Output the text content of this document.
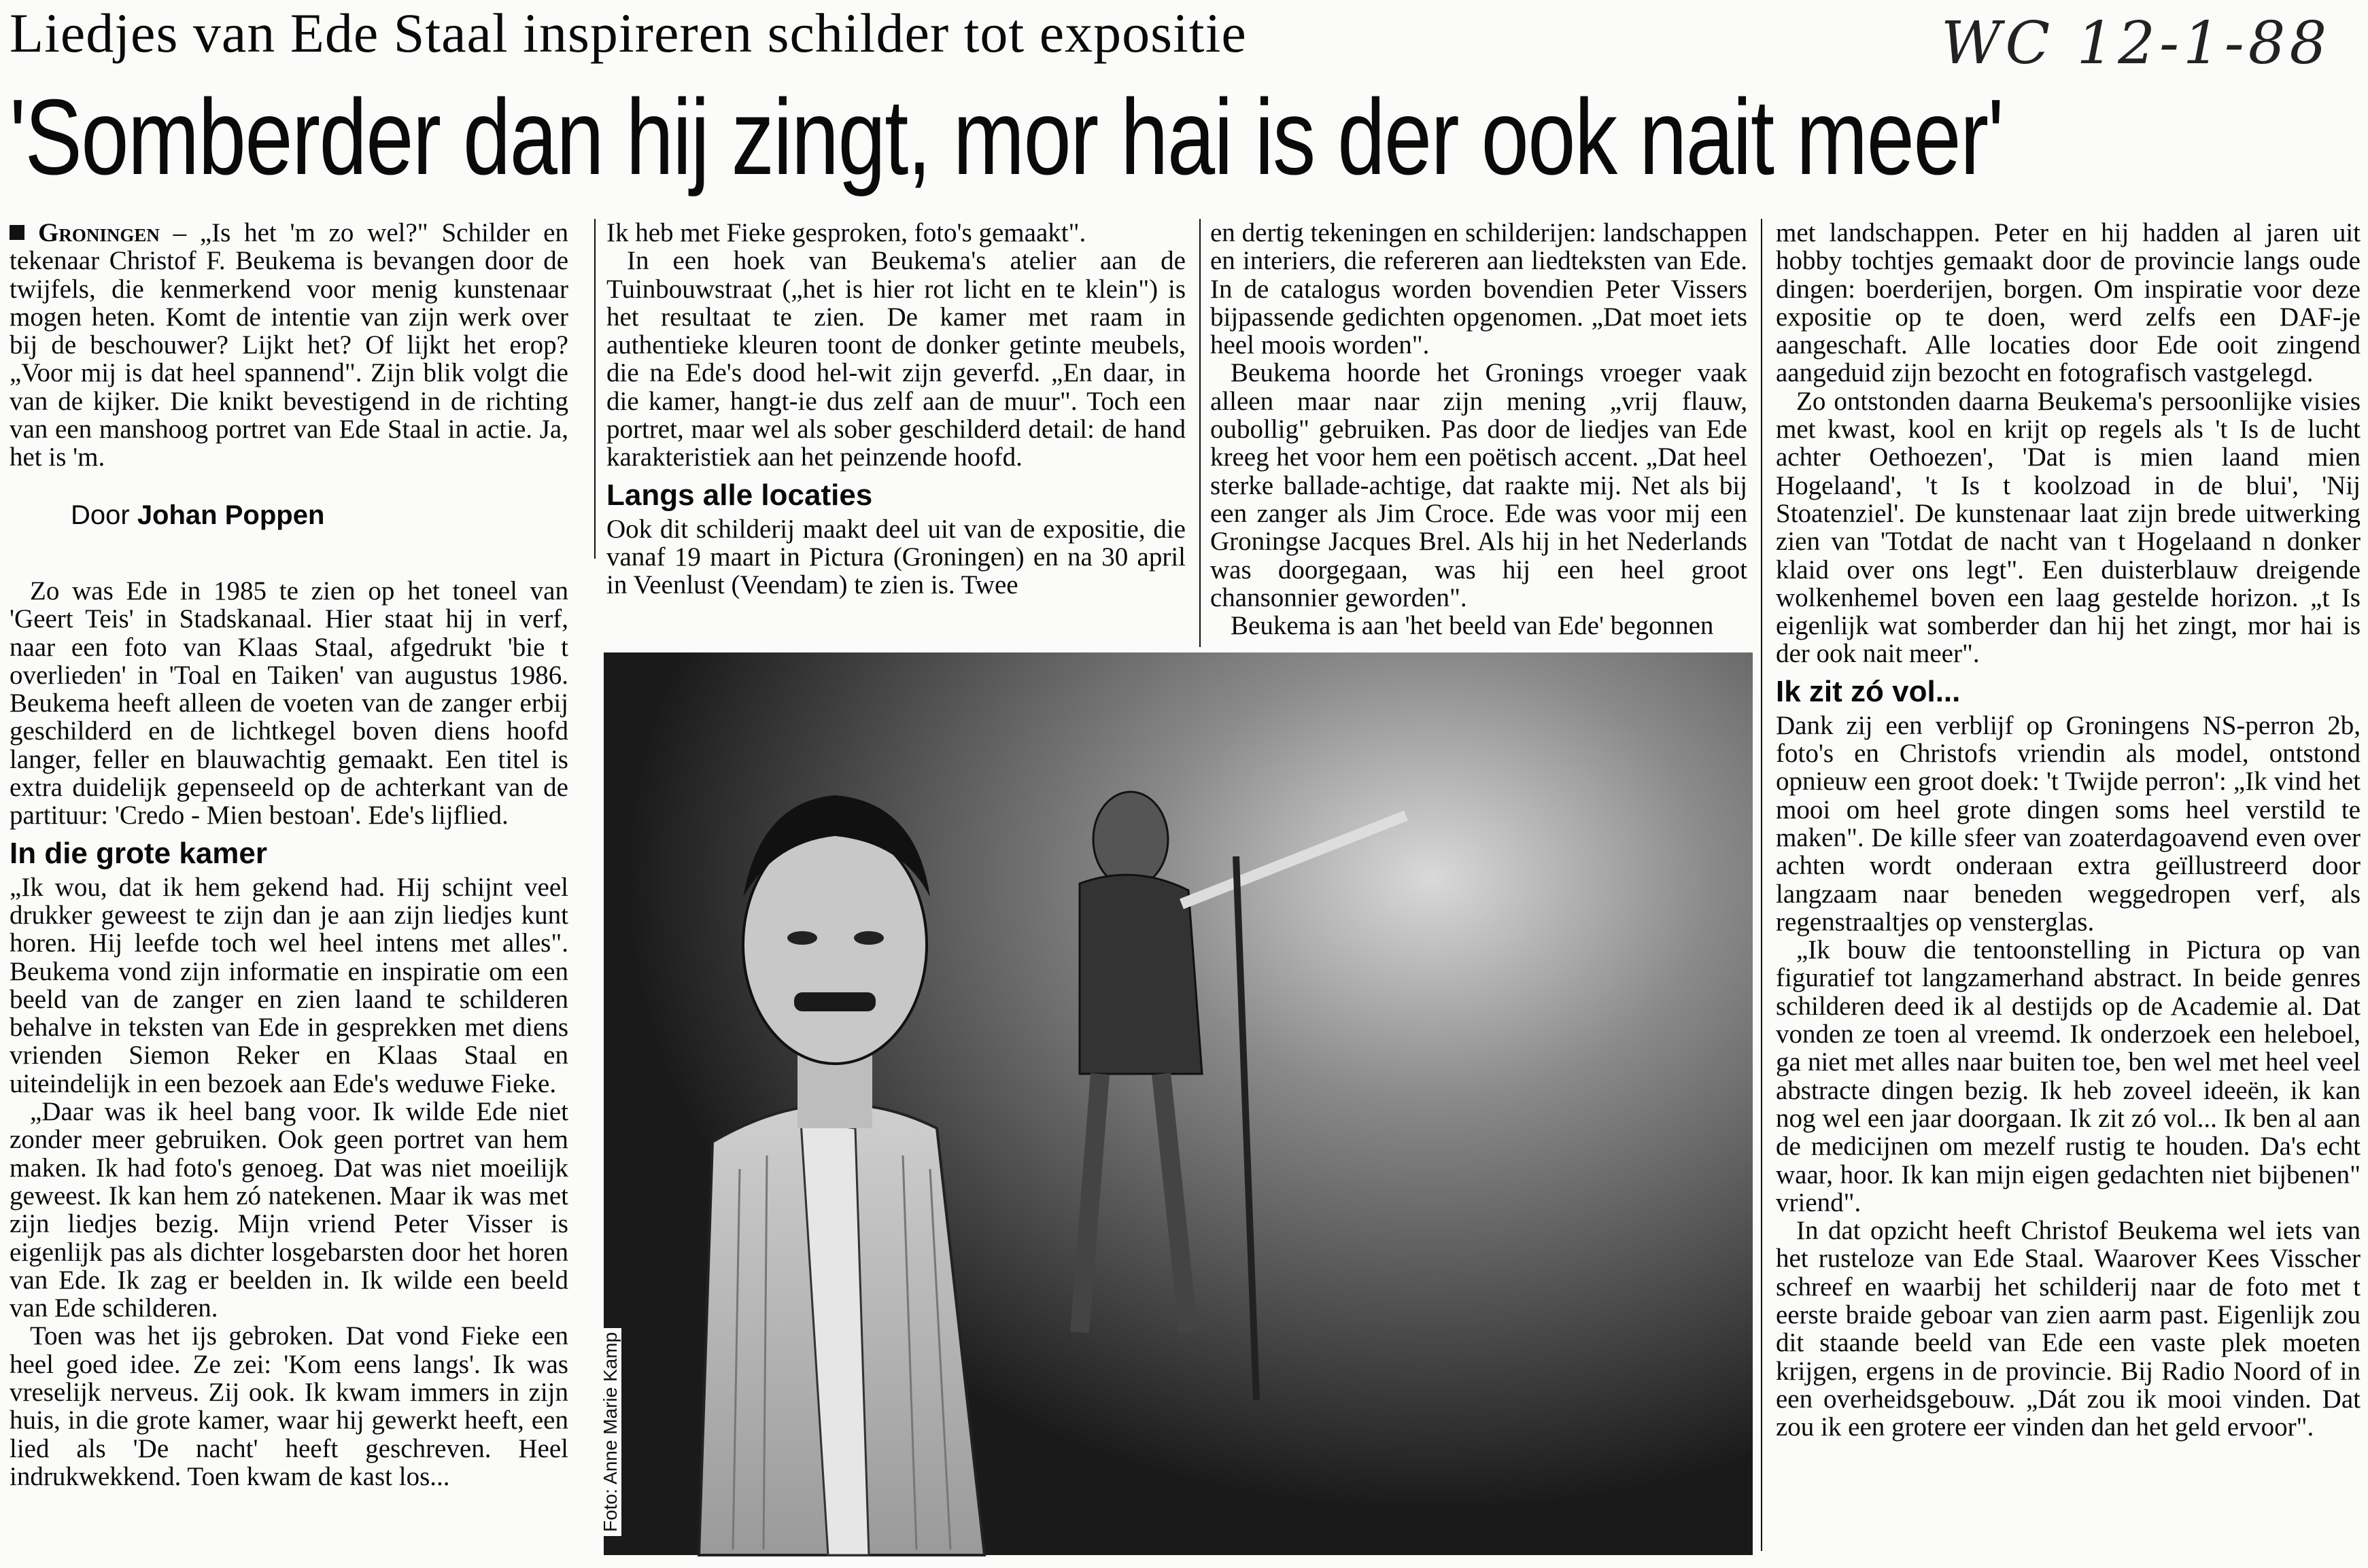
Liedjes van Ede Staal inspireren schilder tot expositie	WC 12-1-88
'Somberder dan hij zingt, mor hai is der ook nait meer'

Groningen – „Is het 'm zo wel?" Schilder en tekenaar Christof F. Beukema is bevangen door de twijfels, die kenmerkend voor menig kunstenaar mogen heten. Komt de intentie van zijn werk over bij de beschouwer? Lijkt het? Of lijkt het erop? „Voor mij is dat heel spannend". Zijn blik volgt die van de kijker. Die knikt bevestigend in de richting van een manshoog portret van Ede Staal in actie. Ja, het is 'm.

Door Johan Poppen

Zo was Ede in 1985 te zien op het toneel van 'Geert Teis' in Stadskanaal. Hier staat hij in verf, naar een foto van Klaas Staal, afgedrukt 'bie t overlieden' in 'Toal en Taiken' van augustus 1986. Beukema heeft alleen de voeten van de zanger erbij geschilderd en de lichtkegel boven diens hoofd langer, feller en blauwachtig gemaakt. Een titel is extra duidelijk gepenseeld op de achterkant van de partituur: 'Credo - Mien bestoan'. Ede's lijflied.

In die grote kamer

„Ik wou, dat ik hem gekend had. Hij schijnt veel drukker geweest te zijn dan je aan zijn liedjes kunt horen. Hij leefde toch wel heel intens met alles". Beukema vond zijn informatie en inspiratie om een beeld van de zanger en zien laand te schilderen behalve in teksten van Ede in gesprekken met diens vrienden Siemon Reker en Klaas Staal en uiteindelijk in een bezoek aan Ede's weduwe Fieke.

„Daar was ik heel bang voor. Ik wilde Ede niet zonder meer gebruiken. Ook geen portret van hem maken. Ik had foto's genoeg. Dat was niet moeilijk geweest. Ik kan hem zó natekenen. Maar ik was met zijn liedjes bezig. Mijn vriend Peter Visser is eigenlijk pas als dichter losgebarsten door het horen van Ede. Ik zag er beelden in. Ik wilde een beeld van Ede schilderen.

Toen was het ijs gebroken. Dat vond Fieke een heel goed idee. Ze zei: 'Kom eens langs'. Ik was vreselijk nerveus. Zij ook. Ik kwam immers in zijn huis, in die grote kamer, waar hij gewerkt heeft, een lied als 'De nacht' heeft geschreven. Heel indrukwekkend. Toen kwam de kast los...

Ik heb met Fieke gesproken, foto's gemaakt".

In een hoek van Beukema's atelier aan de Tuinbouwstraat („het is hier rot licht en te klein") is het resultaat te zien. De kamer met raam in authentieke kleuren toont de donker getinte meubels, die na Ede's dood hel-wit zijn geverfd. „En daar, in die kamer, hangt-ie dus zelf aan de muur". Toch een portret, maar wel als sober geschilderd detail: de hand karakteristiek aan het peinzende hoofd.

Langs alle locaties

Ook dit schilderij maakt deel uit van de expositie, die vanaf 19 maart in Pictura (Groningen) en na 30 april in Veenlust (Veendam) te zien is. Twee

en dertig tekeningen en schilderijen: landschappen en interiers, die refereren aan liedteksten van Ede. In de catalogus worden bovendien Peter Vissers bijpassende gedichten opgenomen. „Dat moet iets heel moois worden".

Beukema hoorde het Gronings vroeger vaak alleen maar naar zijn mening „vrij flauw, oubollig" gebruiken. Pas door de liedjes van Ede kreeg het voor hem een poëtisch accent. „Dat heel sterke ballade-achtige, dat raakte mij. Net als bij een zanger als Jim Croce. Ede was voor mij een Groningse Jacques Brel. Als hij in het Nederlands was doorgegaan, was hij een heel groot chansonnier geworden".

Beukema is aan 'het beeld van Ede' begonnen

Foto: Anne Marie Kamp

met landschappen. Peter en hij hadden al jaren uit hobby tochtjes gemaakt door de provincie langs oude dingen: boerderijen, borgen. Om inspiratie voor deze expositie op te doen, werd zelfs een DAF-je aangeschaft. Alle locaties door Ede ooit zingend aangeduid zijn bezocht en fotografisch vastgelegd.

Zo ontstonden daarna Beukema's persoonlijke visies met kwast, kool en krijt op regels als 't Is de lucht achter Oethoezen', 'Dat is mien laand mien Hogelaand', 't Is t koolzoad in de blui', 'Nij Stoatenziel'. De kunstenaar laat zijn brede uitwerking zien van 'Totdat de nacht van t Hogelaand n donker klaid over ons legt". Een duisterblauw dreigende wolkenhemel boven een laag gestelde horizon. „t Is eigenlijk wat somberder dan hij het zingt, mor hai is der ook nait meer".

Ik zit zó vol...

Dank zij een verblijf op Groningens NS-perron 2b, foto's en Christofs vriendin als model, ontstond opnieuw een groot doek: 't Twijde perron': „Ik vind het mooi om heel grote dingen soms heel verstild te maken". De kille sfeer van zoaterdagoavend even over achten wordt onderaan extra geïllustreerd door langzaam naar beneden weggedropen verf, als regenstraaltjes op vensterglas.

„Ik bouw die tentoonstelling in Pictura op van figuratief tot langzamerhand abstract. In beide genres schilderen deed ik al destijds op de Academie al. Dat vonden ze toen al vreemd. Ik onderzoek een heleboel, ga niet met alles naar buiten toe, ben wel met heel veel abstracte dingen bezig. Ik heb zoveel ideeën, ik kan nog wel een jaar doorgaan. Ik zit zó vol... Ik ben al aan de medicijnen om mezelf rustig te houden. Da's echt waar, hoor. Ik kan mijn eigen gedachten niet bijbenen" vriend".

In dat opzicht heeft Christof Beukema wel iets van het rusteloze van Ede Staal. Waarover Kees Visscher schreef en waarbij het schilderij naar de foto met t eerste braide geboar van zien aarm past. Eigenlijk zou dit staande beeld van Ede een vaste plek moeten krijgen, ergens in de provincie. Bij Radio Noord of in een overheidsgebouw. „Dát zou ik mooi vinden. Dat zou ik een grotere eer vinden dan het geld ervoor".
